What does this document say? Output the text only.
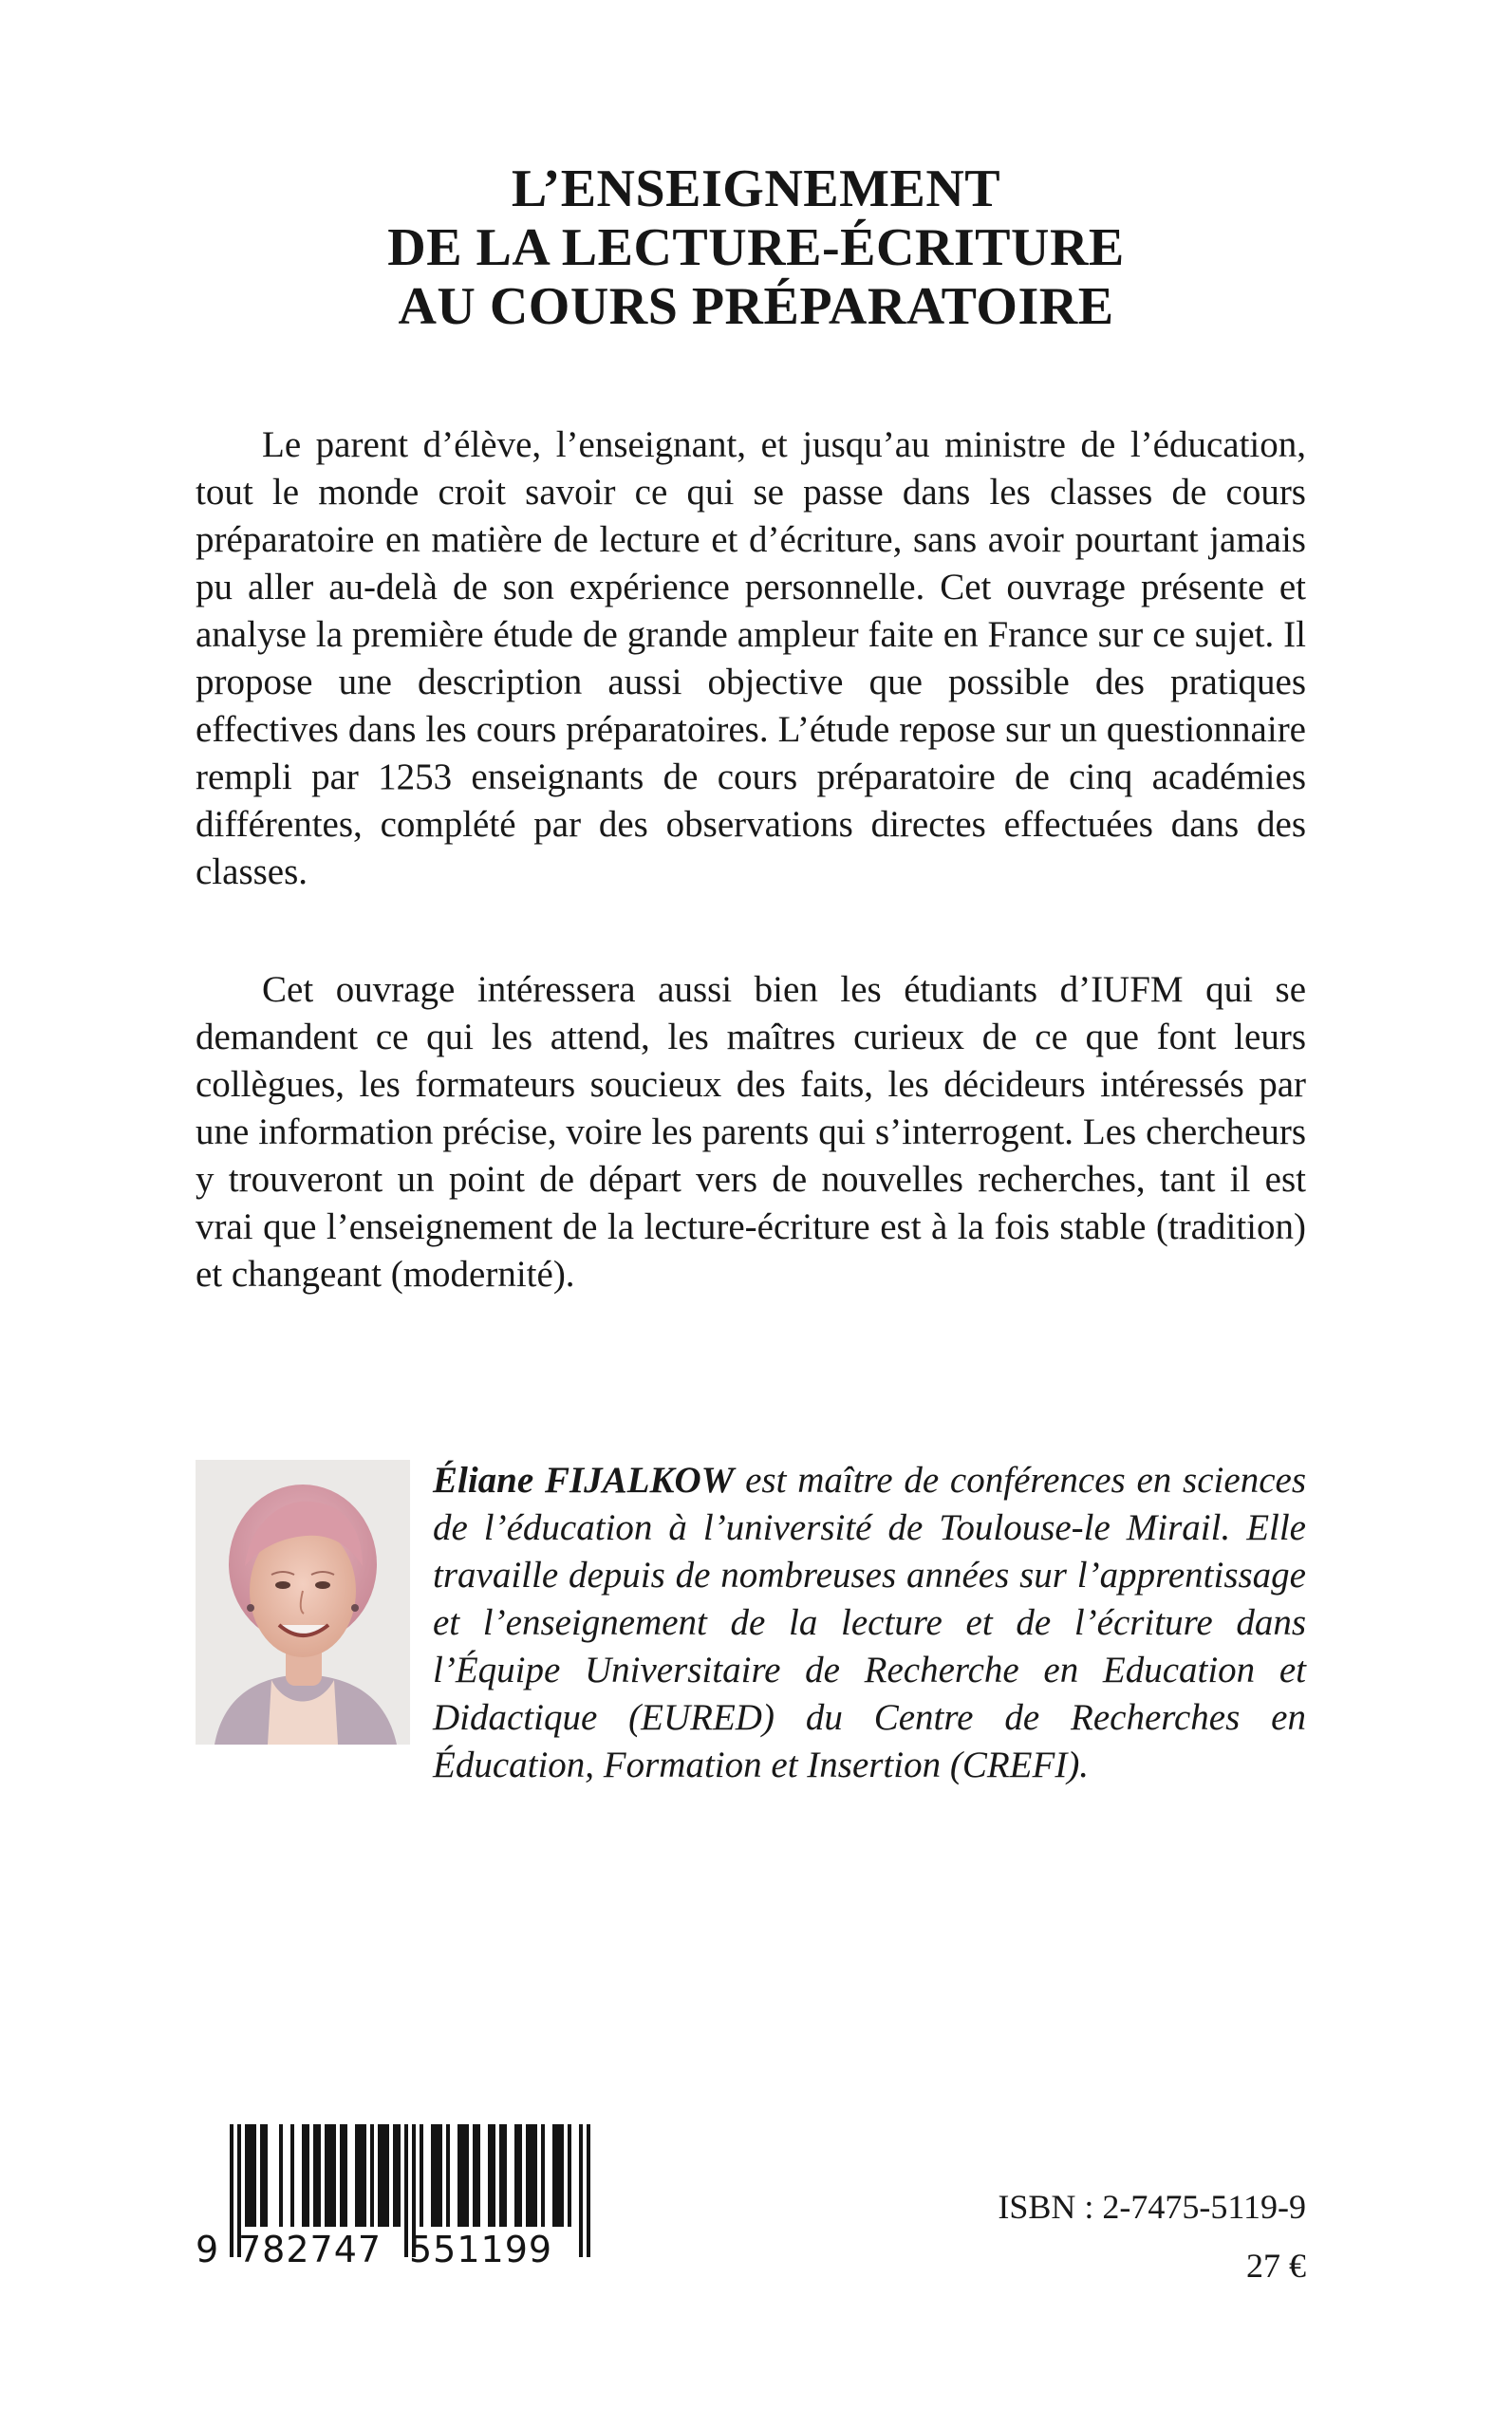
L’ENSEIGNEMENT
DE LA LECTURE-ÉCRITURE
AU COURS PRÉPARATOIRE

Le parent d’élève, l’enseignant, et jusqu’au ministre de l’éducation, tout le monde croit savoir ce qui se passe dans les classes de cours préparatoire en matière de lecture et d’écriture, sans avoir pourtant jamais pu aller au-delà de son expérience personnelle. Cet ouvrage présente et analyse la première étude de grande ampleur faite en France sur ce sujet. Il propose une description aussi objective que possible des pratiques effectives dans les cours préparatoires. L’étude repose sur un questionnaire rempli par 1253 enseignants de cours préparatoire de cinq académies différentes, complété par des observations directes effectuées dans des classes.

Cet ouvrage intéressera aussi bien les étudiants d’IUFM qui se demandent ce qui les attend, les maîtres curieux de ce que font leurs collègues, les formateurs soucieux des faits, les décideurs intéressés par une information précise, voire les parents qui s’interrogent. Les chercheurs y trouveront un point de départ vers de nouvelles recherches, tant il est vrai que l’enseignement de la lecture-écriture est à la fois stable (tradition) et changeant (modernité).

Éliane FIJALKOW est maître de conférences en sciences de l’éducation à l’université de Toulouse-le Mirail. Elle travaille depuis de nombreuses années sur l’apprentissage et l’enseignement de la lecture et de l’écriture dans l’Équipe Universitaire de Recherche en Education et Didactique (EURED) du Centre de Recherches en Éducation, Formation et Insertion (CREFI).
9 782747 551199
ISBN : 2-7475-5119-9
27 €
